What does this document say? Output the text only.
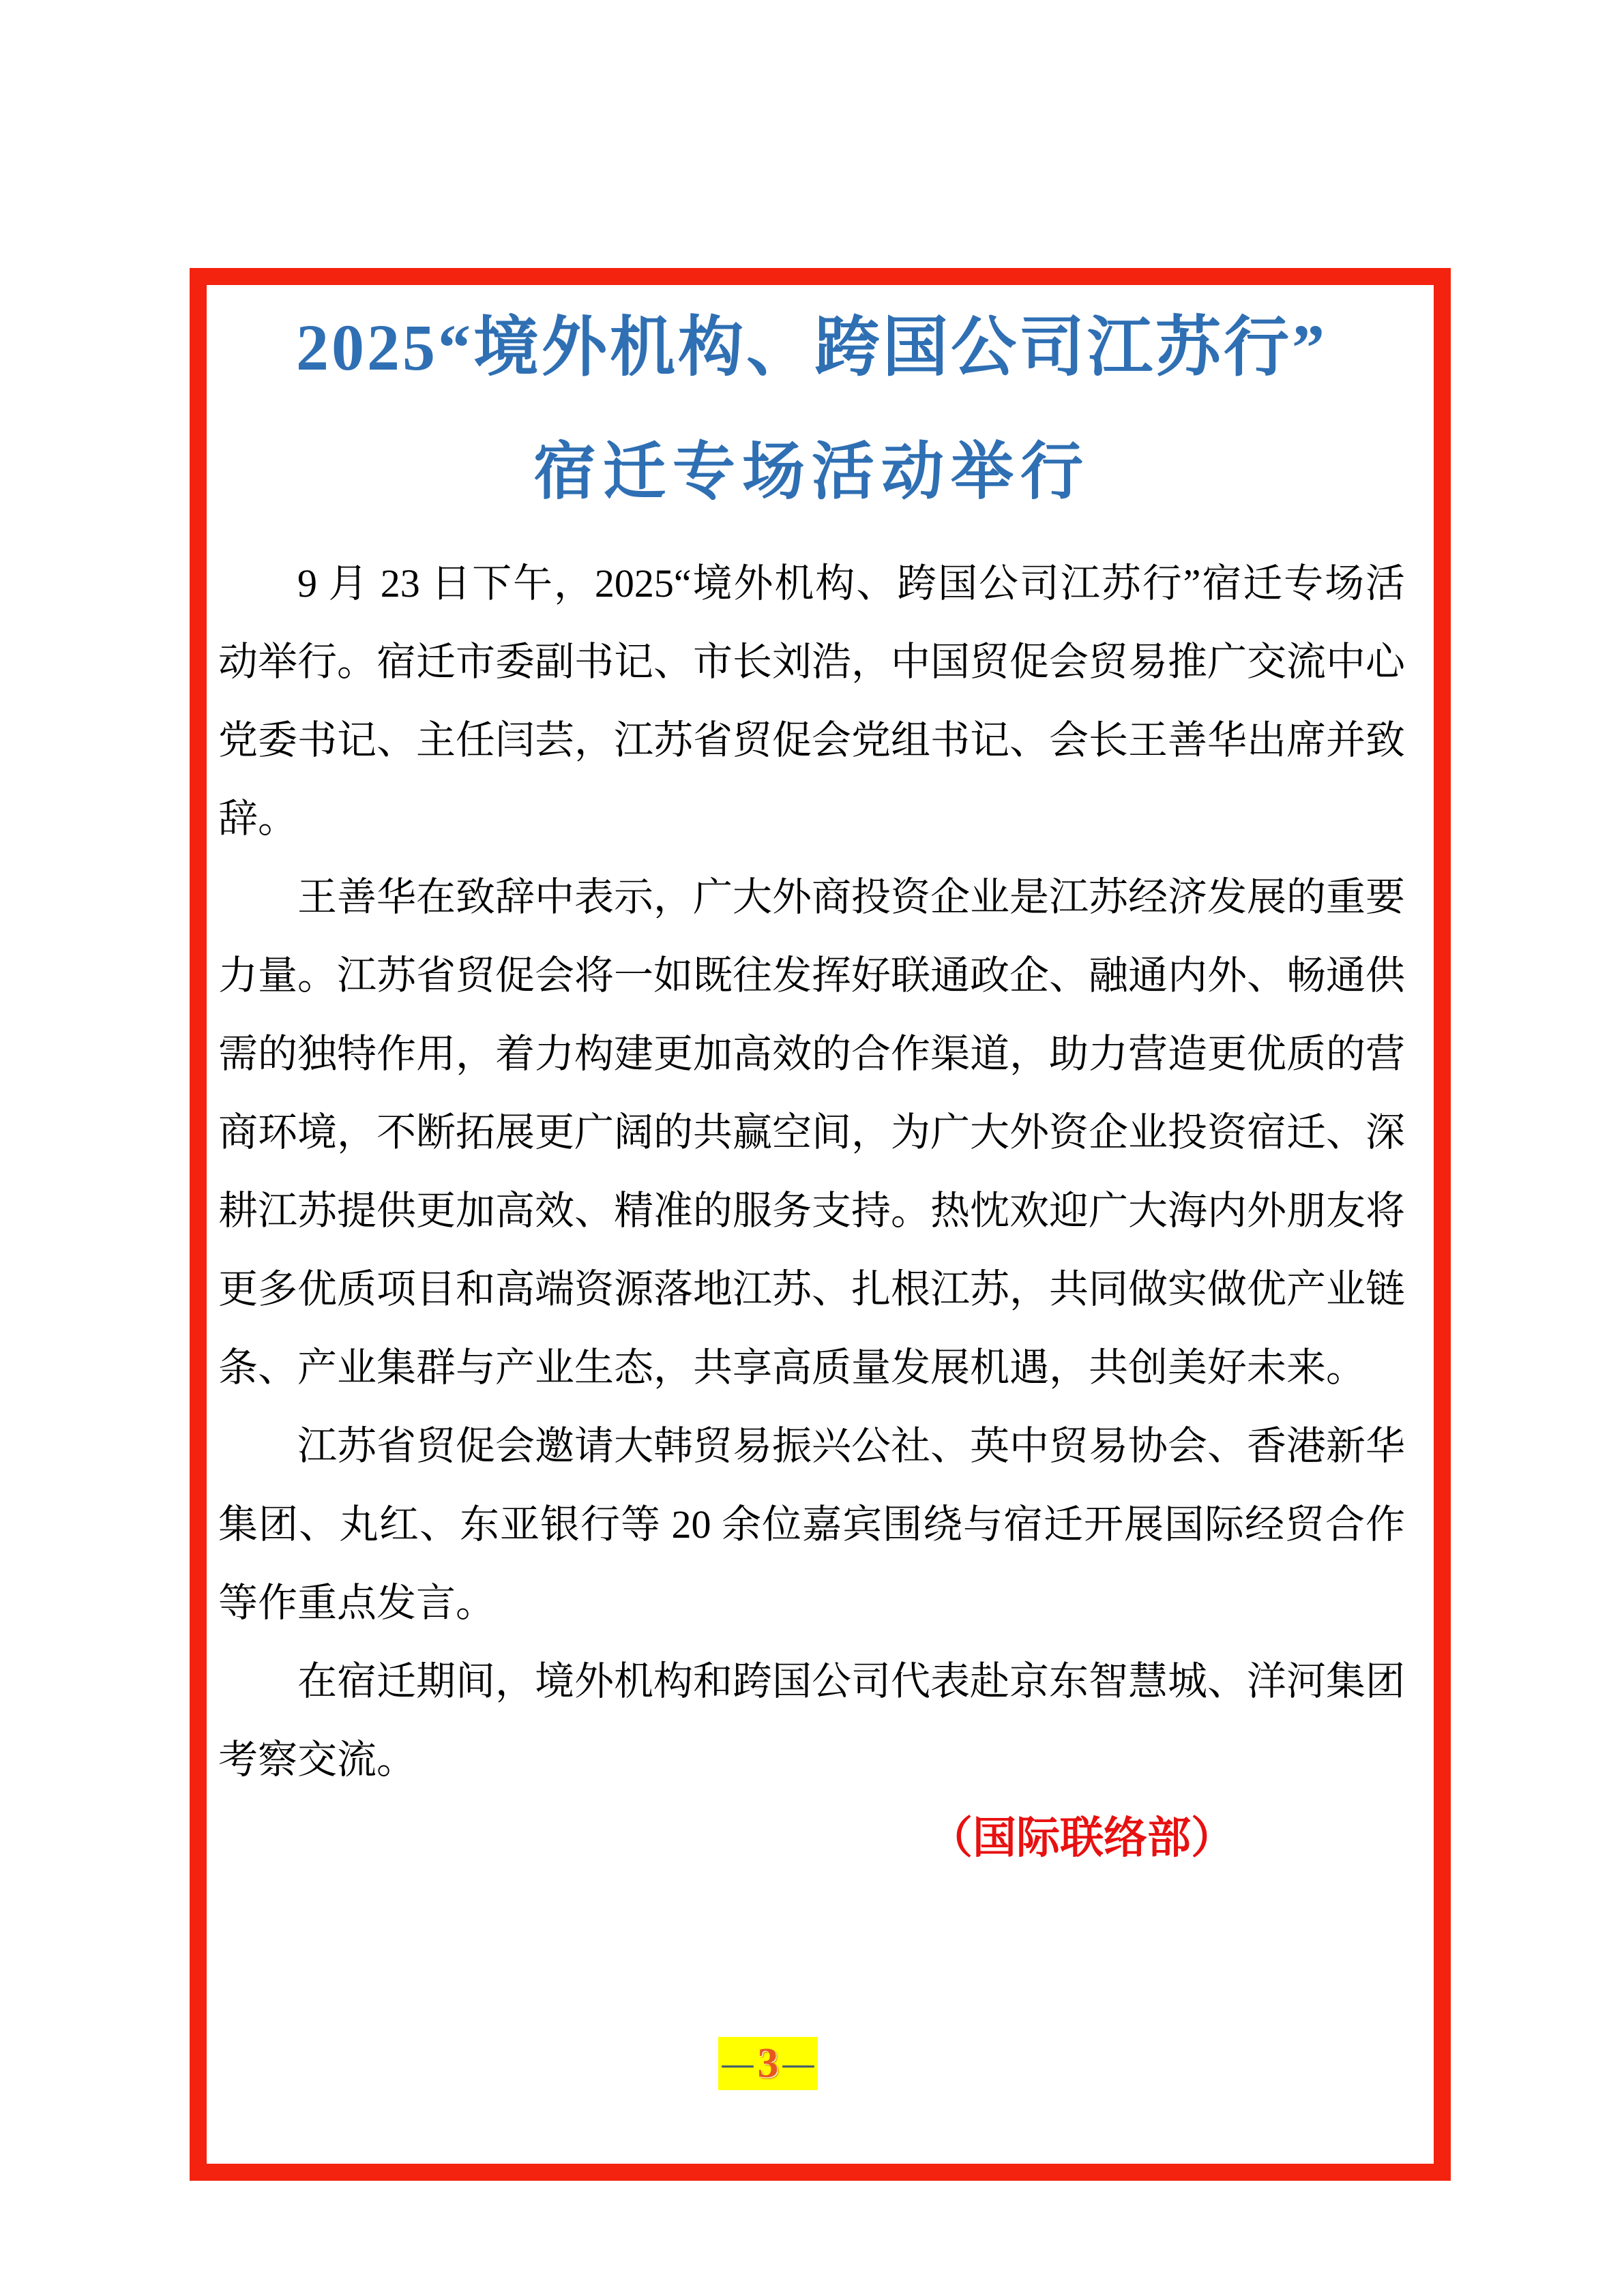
2025“境外机构、跨国公司江苏行”
宿迁专场活动举行

9 月 23 日下午，2025“境外机构、跨国公司江苏行”宿迁专场活动举行。宿迁市委副书记、市长刘浩，中国贸促会贸易推广交流中心党委书记、主任闫芸，江苏省贸促会党组书记、会长王善华出席并致辞。

王善华在致辞中表示，广大外商投资企业是江苏经济发展的重要力量。江苏省贸促会将一如既往发挥好联通政企、融通内外、畅通供需的独特作用，着力构建更加高效的合作渠道，助力营造更优质的营商环境，不断拓展更广阔的共赢空间，为广大外资企业投资宿迁、深耕江苏提供更加高效、精准的服务支持。热忱欢迎广大海内外朋友将更多优质项目和高端资源落地江苏、扎根江苏，共同做实做优产业链条、产业集群与产业生态，共享高质量发展机遇，共创美好未来。

江苏省贸促会邀请大韩贸易振兴公社、英中贸易协会、香港新华集团、丸红、东亚银行等 20 余位嘉宾围绕与宿迁开展国际经贸合作等作重点发言。

在宿迁期间，境外机构和跨国公司代表赴京东智慧城、洋河集团考察交流。

（国际联络部）
— 3 —
